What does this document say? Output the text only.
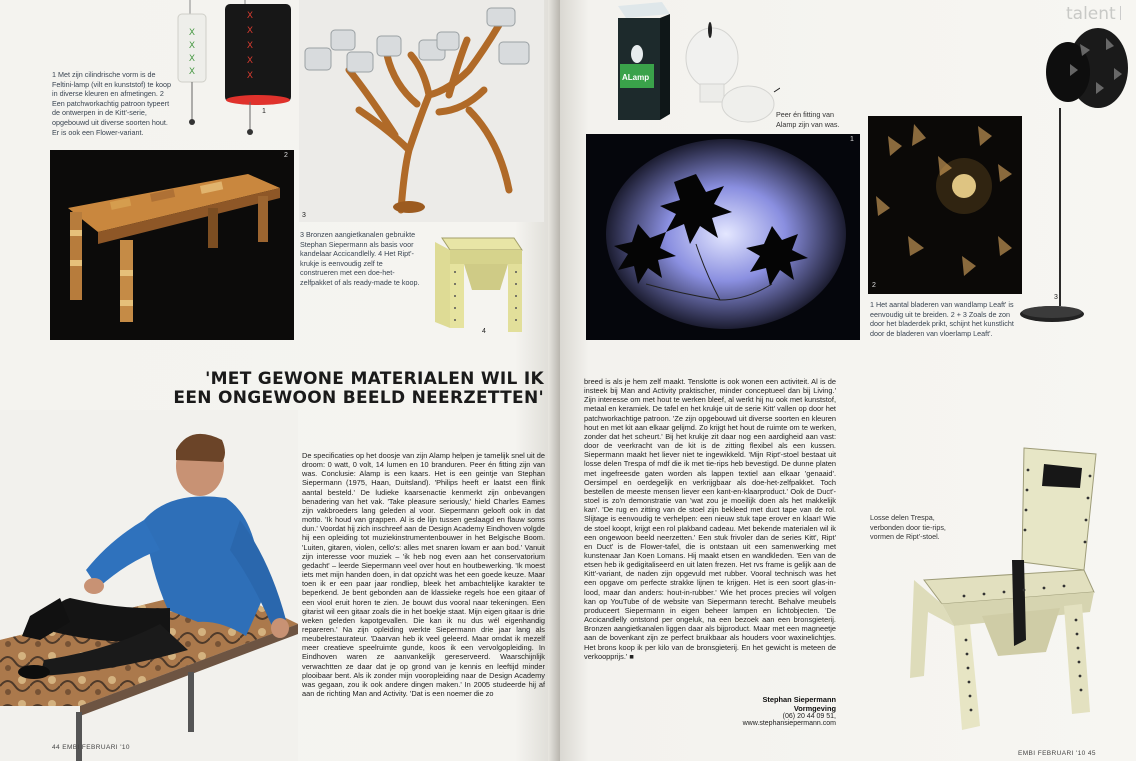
X
X
X
X
X
X
X
X
X
1
1 Met zijn cilindrische vorm is de Feltini-lamp (vilt en kunststof) te koop in diverse kleuren en afmetingen. 2 Een patchworkachtig patroon typeert de ontwerpen in de Kitt'-serie, opgebouwd uit diverse soorten hout. Er is ook een Flower-variant.
3
2
3 Bronzen aangietkanalen gebruikte Stephan Siepermann als basis voor kandelaar Accicandlelly. 4 Het Ript'-krukje is eenvoudig zelf te construeren met een doe-het-zelfpakket of als ready-made te koop.
4
'MET GEWONE MATERIALEN WIL IK
EEN ONGEWOON BEELD NEERZETTEN'

De specificaties op het doosje van zijn Alamp helpen je tamelijk snel uit de droom: 0 watt, 0 volt, 14 lumen en 10 branduren. Peer én fitting zijn van was. Conclusie: Alamp is een kaars. Het is een geintje van Stephan Siepermann (1975, Haan, Duitsland). 'Philips heeft er laatst een flink aantal besteld.' De ludieke kaarsenactie kenmerkt zijn onbevangen benadering van het vak. 'Take pleasure seriously,' hield Charles Eames zijn vakbroeders lang geleden al voor. Siepermann gelooft ook in dat motto. 'Ik houd van grappen. Al is de lijn tussen geslaagd en flauw soms dun.' Voordat hij zich inschreef aan de Design Academy Eindhoven volgde hij een opleiding tot muziekinstrumentenbouwer in het Belgische Boom. 'Luiten, gitaren, violen, cello's: alles met snaren kwam er aan bod.' Vanuit zijn interesse voor muziek – 'ik heb nog even aan het conservatorium gedacht' – leerde Siepermann veel over hout en houtbewerking. 'Ik moest iets met mijn handen doen, in dat opzicht was het een goede keuze. Maar toen ik er een paar jaar rondliep, bleek het ambachtelijke karakter te beperkend. Je bent gebonden aan de klassieke regels hoe een gitaar of een viool eruit horen te zien. Je bouwt dus vooral naar tekeningen. Een gitarist wil een gitaar zoals die in het boekje staat. Mijn eigen gitaar is drie weken geleden kapotgevallen. Die kan ik nu dus wél eigenhandig repareren.' Na zijn opleiding werkte Siepermann drie jaar lang als meubelrestaurateur. 'Daarvan heb ik veel geleerd. Maar omdat ik mezelf meer creatieve speelruimte gunde, koos ik een vervolgopleiding. In Eindhoven waren ze aanvankelijk gereserveerd. Waarschijnlijk verwachtten ze daar dat je op grond van je kennis en leeftijd minder plooibaar bent. Als ik zonder mijn vooropleiding naar de Design Academy was gegaan, zou ik ook andere dingen maken.' In 2005 studeerde hij af aan de richting Man and Activity. 'Dat is een noemer die zo

44 EMBI FEBRUARI '10
talent
ALamp
Peer én fitting van Alamp zijn van was.
1
2
3
1 Het aantal bladeren van wandlamp Leaft' is eenvoudig uit te breiden. 2 + 3 Zoals de zon door het bladerdek prikt, schijnt het kunstlicht door de bladeren van vloerlamp Leaft'.

breed is als je hem zelf maakt. Tenslotte is ook wonen een activiteit. Al is de insteek bij Man and Activity praktischer, minder conceptueel dan bij Living.' Zijn interesse om met hout te werken bleef, al werkt hij nu ook met kunststof, metaal en keramiek. De tafel en het krukje uit de serie Kitt' vallen op door het patchworkachtige patroon. 'Ze zijn opgebouwd uit diverse soorten en kleuren hout en met kit aan elkaar gelijmd. Zo krijgt het hout de ruimte om te werken, zonder dat het scheurt.' Bij het krukje zit daar nog een aardigheid aan vast: door de veerkracht van de kit is de zitting flexibel als een kussen. Siepermann maakt het liever niet te ingewikkeld. 'Mijn Ript'-stoel bestaat uit losse delen Trespa of mdf die ik met tie-rips heb bevestigd. De dunne platen met ingefreesde gaten worden als lappen textiel aan elkaar 'genaaid'. Oersimpel en oerdegelijk en verkrijgbaar als doe-het-zelfpakket. Toch bestellen de meeste mensen liever een kant-en-klaarproduct.' Ook de Duct'-stoel is zo'n demonstratie van 'wat zou je moeilijk doen als het makkelijk kan'. 'De rug en zitting van de stoel zijn bekleed met duct tape van de rol. Slijtage is eenvoudig te verhelpen: een nieuw stuk tape erover en klaar! Wie de stoel koopt, krijgt een rol plakband cadeau. Met bekende materialen wil ik een ongewoon beeld neerzetten.' Een stuk frivoler dan de series Kitt', Ript' en Duct' is de Flower-tafel, die is ontstaan uit een samenwerking met kunstenaar Jan Koen Lomans. Hij maakt etsen en wandkleden. 'Een van de etsen heb ik gedigitaliseerd en uit laten frezen. Het rvs frame is gelijk aan de Kitt'-variant, de naden zijn opgevuld met rubber. Vooral technisch was het een opgave om perfecte strakke lijnen te krijgen. Het is een soort glas-in-lood, maar dan anders: hout-in-rubber.' Wie het proces precies wil volgen kan op YouTube of de website van Siepermann terecht. Behalve meubels produceert Siepermann in eigen beheer lampen en lichtobjecten. 'De Accicandlelly ontstond per ongeluk, na een bezoek aan een bronsgieterij. Bronzen aangietkanalen liggen daar als bijproduct. Maar met een magneetje aan de bovenkant zijn ze perfect bruikbaar als houders voor waxinelichtjes. Het brons koop ik per kilo van de bronsgieterij. En het gewicht is meteen de verkoopprijs.' ■

Stephan Siepermann Vormgeving
(06) 20 44 09 51, www.stephansiepermann.com
Losse delen Trespa, verbonden door tie-rips, vormen de Ript'-stoel.
EMBI FEBRUARI '10 45
